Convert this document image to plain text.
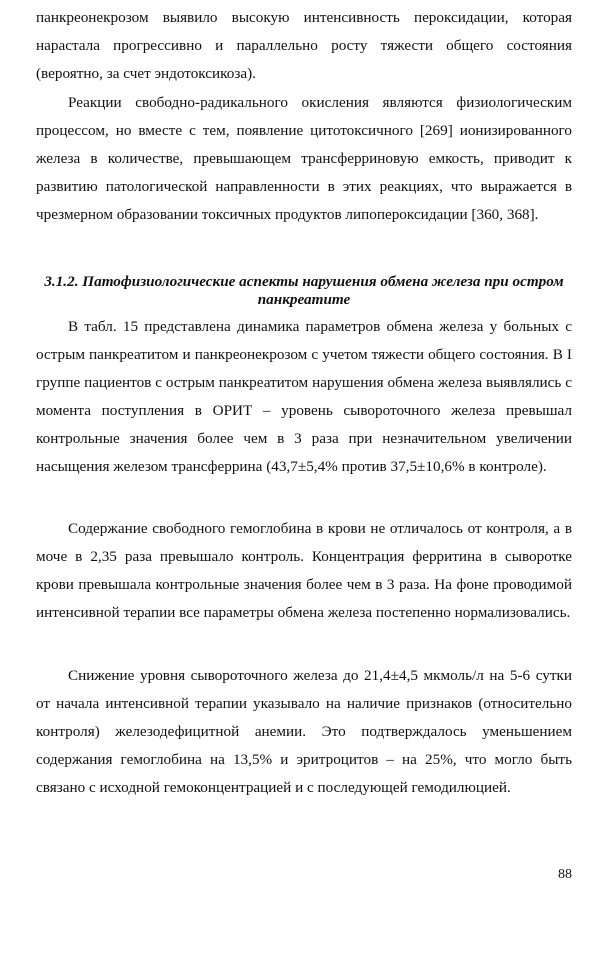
панкреонекрозом выявило высокую интенсивность пероксидации, которая нарастала прогрессивно и параллельно росту тяжести общего состояния (вероятно, за счет эндотоксикоза).

Реакции свободно-радикального окисления являются физиологическим процессом, но вместе с тем, появление цитотоксичного [269] ионизированного железа в количестве, превышающем трансферриновую емкость, приводит к развитию патологической направленности в этих реакциях, что выражается в чрезмерном образовании токсичных продуктов липопероксидации [360, 368].

3.1.2. Патофизиологические аспекты нарушения обмена железа при остром панкреатите

В табл. 15 представлена динамика параметров обмена железа у больных с острым панкреатитом и панкреонекрозом с учетом тяжести общего состояния. В I группе пациентов с острым панкреатитом нарушения обмена железа выявлялись с момента поступления в ОРИТ – уровень сывороточного железа превышал контрольные значения более чем в 3 раза при незначительном увеличении насыщения железом трансферрина (43,7±5,4% против 37,5±10,6% в контроле).

Содержание свободного гемоглобина в крови не отличалось от контроля, а в моче в 2,35 раза превышало контроль. Концентрация ферритина в сыворотке крови превышала контрольные значения более чем в 3 раза. На фоне проводимой интенсивной терапии все параметры обмена железа постепенно нормализовались.

Снижение уровня сывороточного железа до 21,4±4,5 мкмоль/л на 5-6 сутки от начала интенсивной терапии указывало на наличие признаков (относительно контроля) железодефицитной анемии. Это подтверждалось уменьшением содержания гемоглобина на 13,5% и эритроцитов – на 25%, что могло быть связано с исходной гемоконцентрацией и с последующей гемодилюцией.

88
